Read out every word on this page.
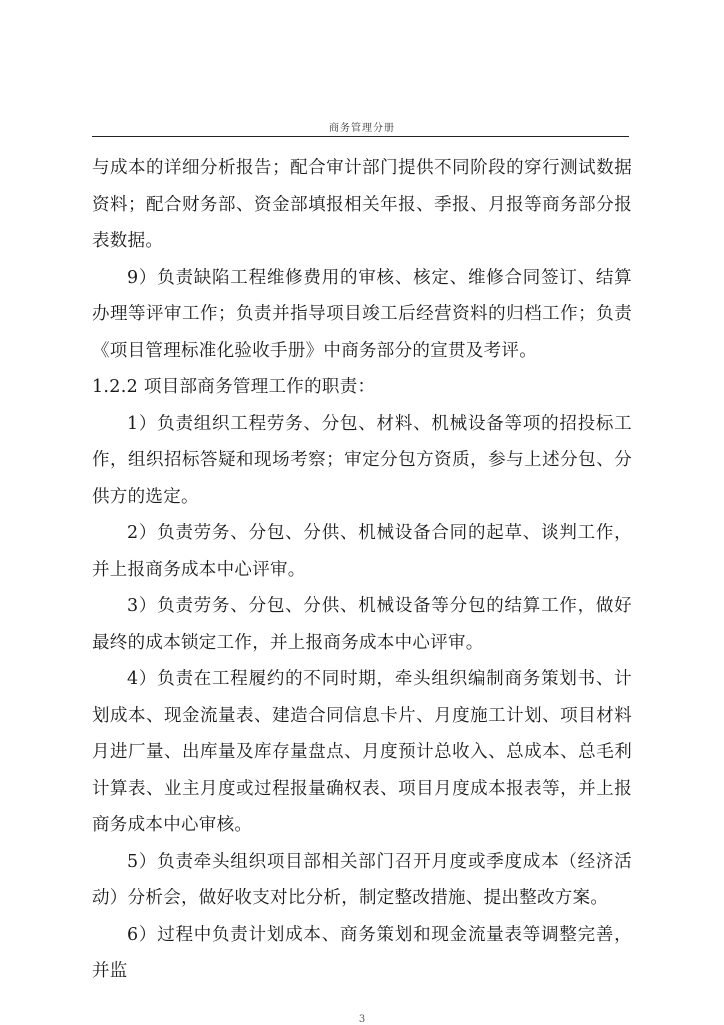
商务管理分册

与成本的详细分析报告；配合审计部门提供不同阶段的穿行测试数据资料；配合财务部、资金部填报相关年报、季报、月报等商务部分报表数据。

9）负责缺陷工程维修费用的审核、核定、维修合同签订、结算办理等评审工作；负责并指导项目竣工后经营资料的归档工作；负责《项目管理标准化验收手册》中商务部分的宣贯及考评。

1.2.2 项目部商务管理工作的职责：

1）负责组织工程劳务、分包、材料、机械设备等项的招投标工作，组织招标答疑和现场考察；审定分包方资质，参与上述分包、分供方的选定。

2）负责劳务、分包、分供、机械设备合同的起草、谈判工作，并上报商务成本中心评审。

3）负责劳务、分包、分供、机械设备等分包的结算工作，做好最终的成本锁定工作，并上报商务成本中心评审。

4）负责在工程履约的不同时期，牵头组织编制商务策划书、计划成本、现金流量表、建造合同信息卡片、月度施工计划、项目材料月进厂量、出库量及库存量盘点、月度预计总收入、总成本、总毛利计算表、业主月度或过程报量确权表、项目月度成本报表等，并上报商务成本中心审核。

5）负责牵头组织项目部相关部门召开月度或季度成本（经济活动）分析会，做好收支对比分析，制定整改措施、提出整改方案。

6）过程中负责计划成本、商务策划和现金流量表等调整完善，并监

3
